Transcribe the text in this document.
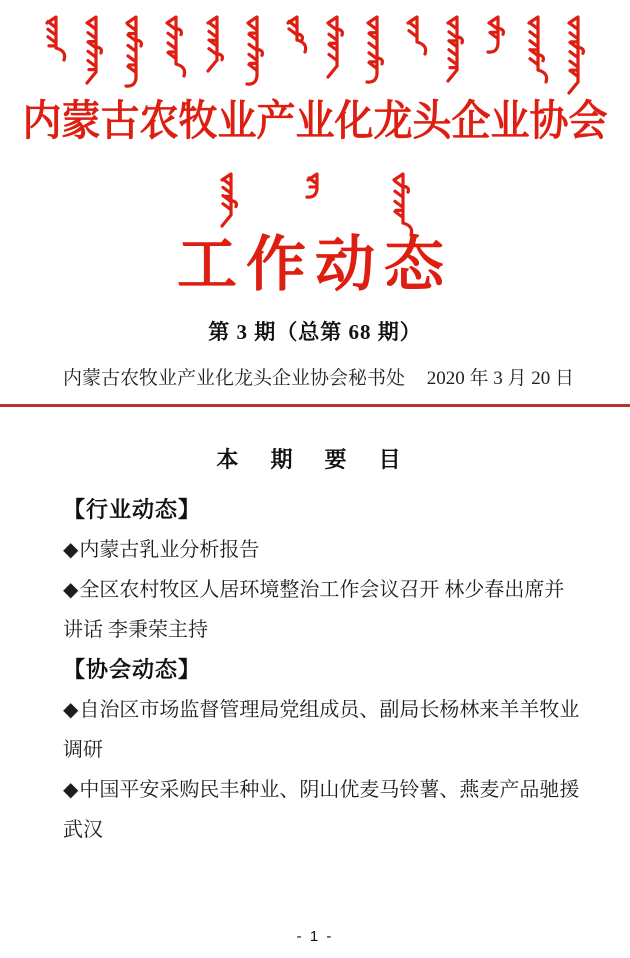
内蒙古农牧业产业化龙头企业协会
工作动态
第 3 期（总第 68 期）
内蒙古农牧业产业化龙头企业协会秘书处 2020 年 3 月 20 日
本 期 要 目
【行业动态】
◆内蒙古乳业分析报告
◆全区农村牧区人居环境整治工作会议召开 林少春出席并
讲话 李秉荣主持
【协会动态】
◆自治区市场监督管理局党组成员、副局长杨林来羊羊牧业
调研
◆中国平安采购民丰种业、阴山优麦马铃薯、燕麦产品驰援
武汉
- 1 -
